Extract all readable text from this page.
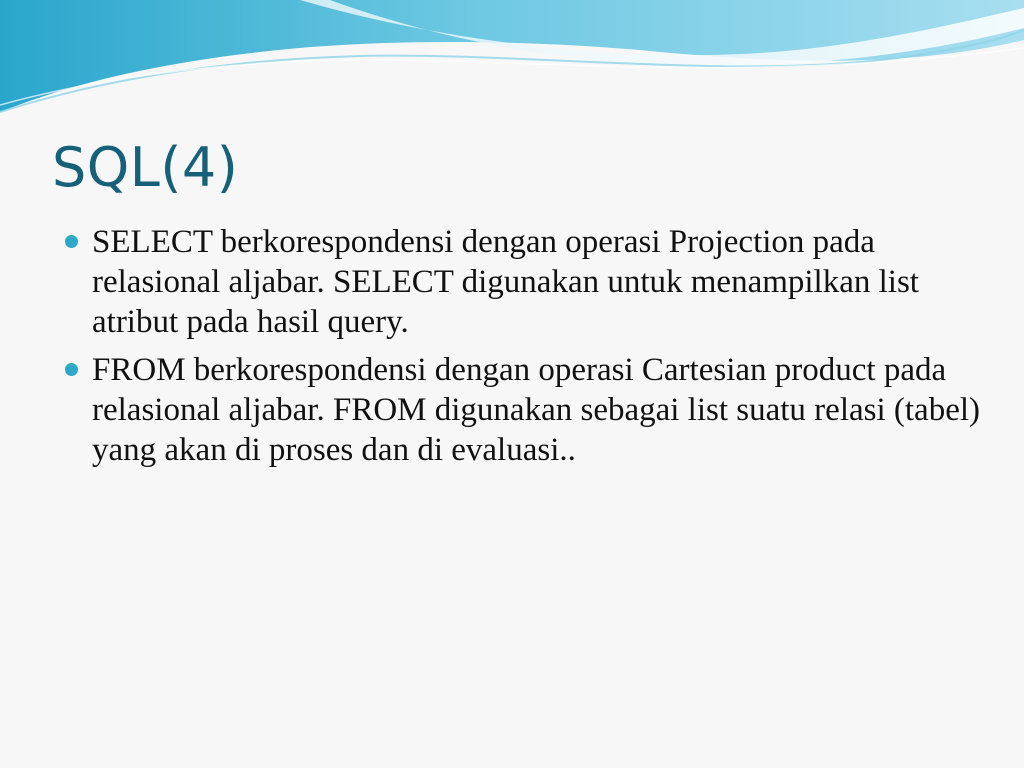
SQL(4)
SELECT berkorespondensi dengan operasi Projection pada relasional aljabar. SELECT digunakan untuk menampilkan list atribut pada hasil query.
FROM berkorespondensi dengan operasi Cartesian product pada relasional aljabar. FROM digunakan sebagai list suatu relasi (tabel) yang akan di proses dan di evaluasi..
